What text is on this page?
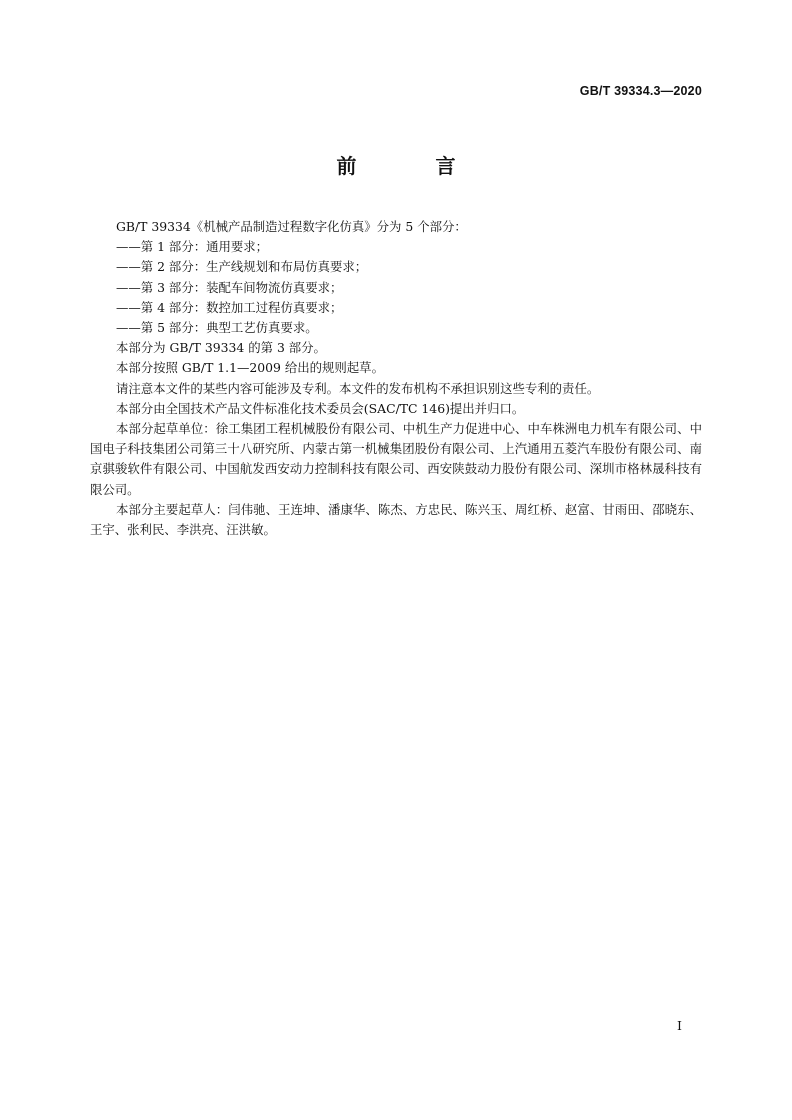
GB/T 39334.3—2020
前 言

GB/T 39334《机械产品制造过程数字化仿真》分为 5 个部分：

——第 1 部分：通用要求；

——第 2 部分：生产线规划和布局仿真要求；

——第 3 部分：装配车间物流仿真要求；

——第 4 部分：数控加工过程仿真要求；

——第 5 部分：典型工艺仿真要求。

本部分为 GB/T 39334 的第 3 部分。

本部分按照 GB/T 1.1—2009 给出的规则起草。

请注意本文件的某些内容可能涉及专利。本文件的发布机构不承担识别这些专利的责任。

本部分由全国技术产品文件标准化技术委员会(SAC/TC 146)提出并归口。

本部分起草单位：徐工集团工程机械股份有限公司、中机生产力促进中心、中车株洲电力机车有限公司、中国电子科技集团公司第三十八研究所、内蒙古第一机械集团股份有限公司、上汽通用五菱汽车股份有限公司、南京骐骏软件有限公司、中国航发西安动力控制科技有限公司、西安陕鼓动力股份有限公司、深圳市格林晟科技有限公司。

本部分主要起草人：闫伟驰、王连坤、潘康华、陈杰、方忠民、陈兴玉、周红桥、赵富、甘雨田、邵晓东、王宇、张利民、李洪亮、汪洪敏。

I
